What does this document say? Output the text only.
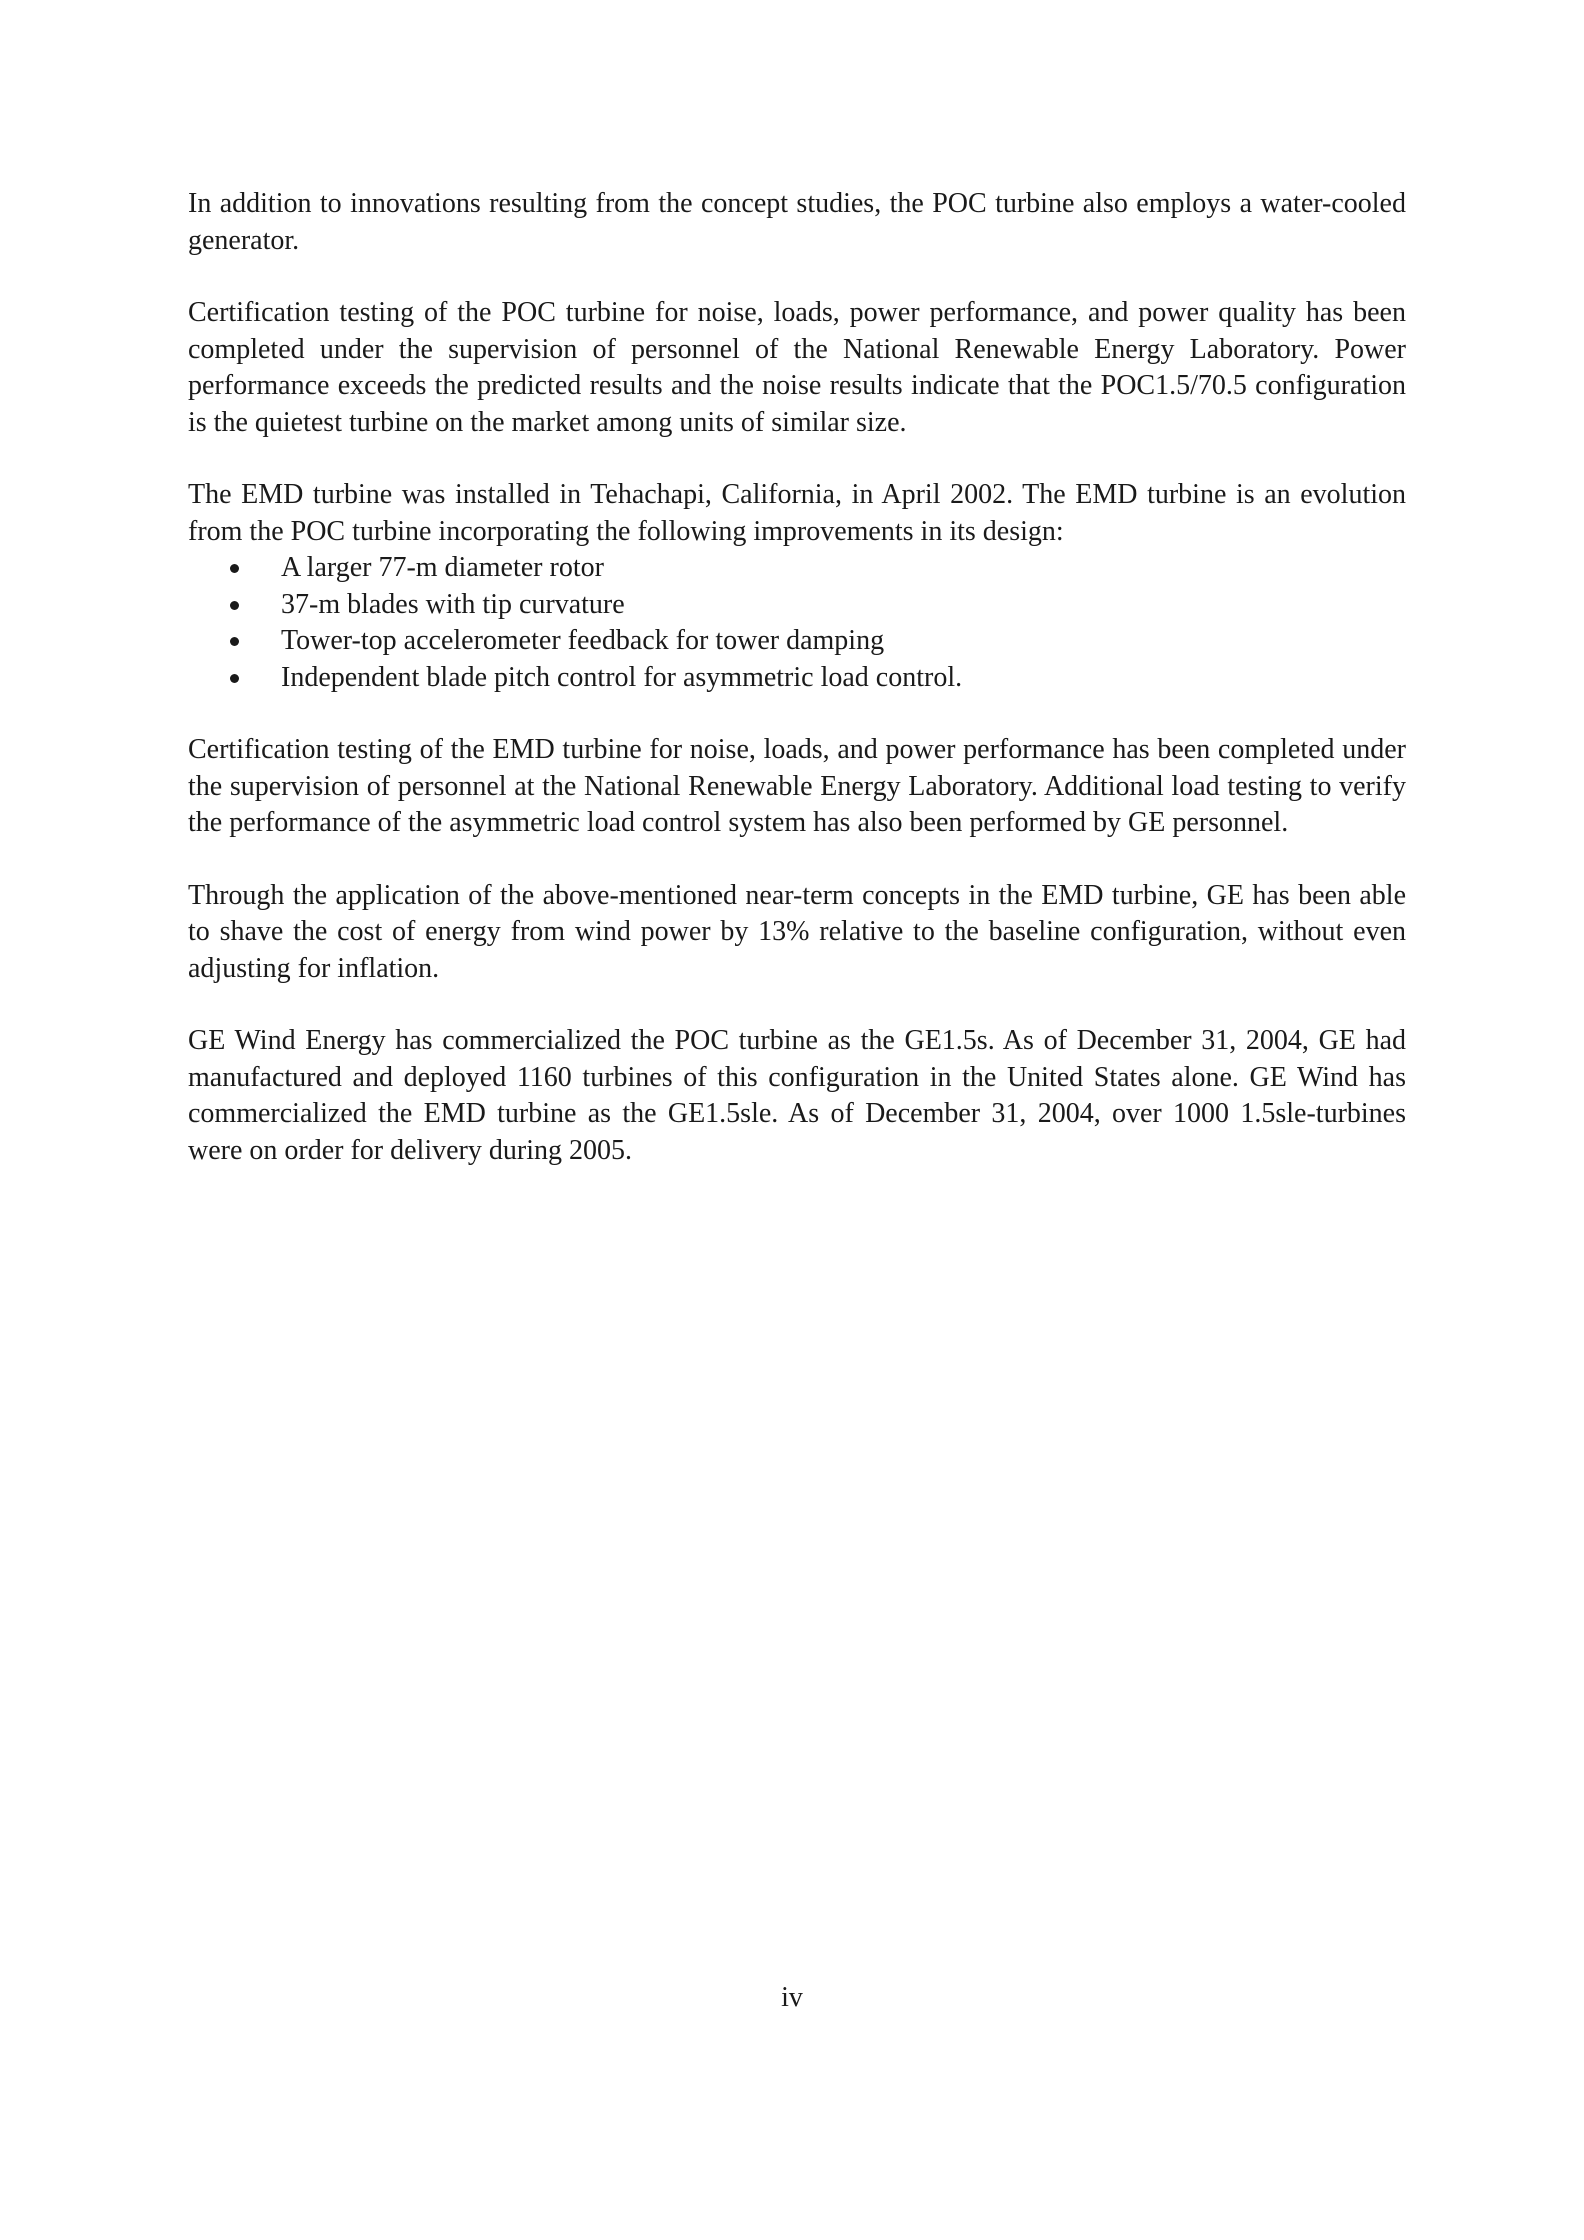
In addition to innovations resulting from the concept studies, the POC turbine also employs a water-cooled generator.

Certification testing of the POC turbine for noise, loads, power performance, and power quality has been completed under the supervision of personnel of the National Renewable Energy Laboratory. Power performance exceeds the predicted results and the noise results indicate that the POC1.5/70.5 configuration is the quietest turbine on the market among units of similar size.

The EMD turbine was installed in Tehachapi, California, in April 2002. The EMD turbine is an evolution from the POC turbine incorporating the following improvements in its design:

A larger 77-m diameter rotor
37-m blades with tip curvature
Tower-top accelerometer feedback for tower damping
Independent blade pitch control for asymmetric load control.

Certification testing of the EMD turbine for noise, loads, and power performance has been completed under the supervision of personnel at the National Renewable Energy Laboratory. Additional load testing to verify the performance of the asymmetric load control system has also been performed by GE personnel.

Through the application of the above-mentioned near-term concepts in the EMD turbine, GE has been able to shave the cost of energy from wind power by 13% relative to the baseline configuration, without even adjusting for inflation.

GE Wind Energy has commercialized the POC turbine as the GE1.5s. As of December 31, 2004, GE had manufactured and deployed 1160 turbines of this configuration in the United States alone. GE Wind has commercialized the EMD turbine as the GE1.5sle. As of December 31, 2004, over 1000 1.5sle-turbines were on order for delivery during 2005.

iv
